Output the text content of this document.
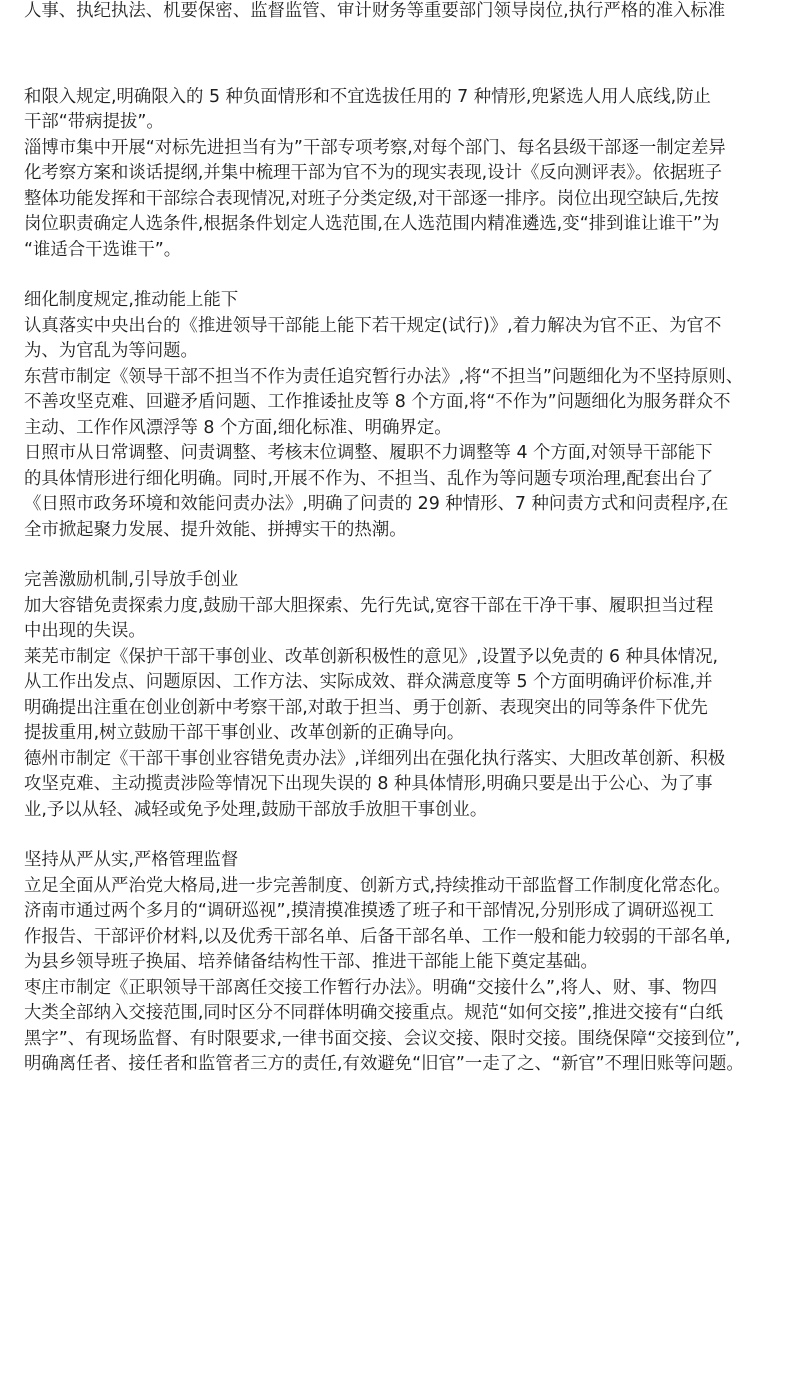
人事、执纪执法、机要保密、监督监管、审计财务等重要部门领导岗位,执行严格的准入标准
和限入规定,明确限入的 5 种负面情形和不宜选拔任用的 7 种情形,兜紧选人用人底线,防止
干部“带病提拔”。
淄博市集中开展“对标先进担当有为”干部专项考察,对每个部门、每名县级干部逐一制定差异
化考察方案和谈话提纲,并集中梳理干部为官不为的现实表现,设计《反向测评表》。依据班子
整体功能发挥和干部综合表现情况,对班子分类定级,对干部逐一排序。岗位出现空缺后,先按
岗位职责确定人选条件,根据条件划定人选范围,在人选范围内精准遴选,变“排到谁让谁干”为
“谁适合干选谁干”。
细化制度规定,推动能上能下
认真落实中央出台的《推进领导干部能上能下若干规定(试行)》,着力解决为官不正、为官不
为、为官乱为等问题。
东营市制定《领导干部不担当不作为责任追究暂行办法》,将“不担当”问题细化为不坚持原则、
不善攻坚克难、回避矛盾问题、工作推诿扯皮等 8 个方面,将“不作为”问题细化为服务群众不
主动、工作作风漂浮等 8 个方面,细化标准、明确界定。
日照市从日常调整、问责调整、考核末位调整、履职不力调整等 4 个方面,对领导干部能下
的具体情形进行细化明确。同时,开展不作为、不担当、乱作为等问题专项治理,配套出台了
《日照市政务环境和效能问责办法》,明确了问责的 29 种情形、7 种问责方式和问责程序,在
全市掀起聚力发展、提升效能、拼搏实干的热潮。
完善激励机制,引导放手创业
加大容错免责探索力度,鼓励干部大胆探索、先行先试,宽容干部在干净干事、履职担当过程
中出现的失误。
莱芜市制定《保护干部干事创业、改革创新积极性的意见》,设置予以免责的 6 种具体情况,
从工作出发点、问题原因、工作方法、实际成效、群众满意度等 5 个方面明确评价标准,并
明确提出注重在创业创新中考察干部,对敢于担当、勇于创新、表现突出的同等条件下优先
提拔重用,树立鼓励干部干事创业、改革创新的正确导向。
德州市制定《干部干事创业容错免责办法》,详细列出在强化执行落实、大胆改革创新、积极
攻坚克难、主动揽责涉险等情况下出现失误的 8 种具体情形,明确只要是出于公心、为了事
业,予以从轻、减轻或免予处理,鼓励干部放手放胆干事创业。
坚持从严从实,严格管理监督
立足全面从严治党大格局,进一步完善制度、创新方式,持续推动干部监督工作制度化常态化。
济南市通过两个多月的“调研巡视”,摸清摸准摸透了班子和干部情况,分别形成了调研巡视工
作报告、干部评价材料,以及优秀干部名单、后备干部名单、工作一般和能力较弱的干部名单,
为县乡领导班子换届、培养储备结构性干部、推进干部能上能下奠定基础。
枣庄市制定《正职领导干部离任交接工作暂行办法》。明确“交接什么”,将人、财、事、物四
大类全部纳入交接范围,同时区分不同群体明确交接重点。规范“如何交接”,推进交接有“白纸
黑字”、有现场监督、有时限要求,一律书面交接、会议交接、限时交接。围绕保障“交接到位”,
明确离任者、接任者和监管者三方的责任,有效避免“旧官”一走了之、“新官”不理旧账等问题。
